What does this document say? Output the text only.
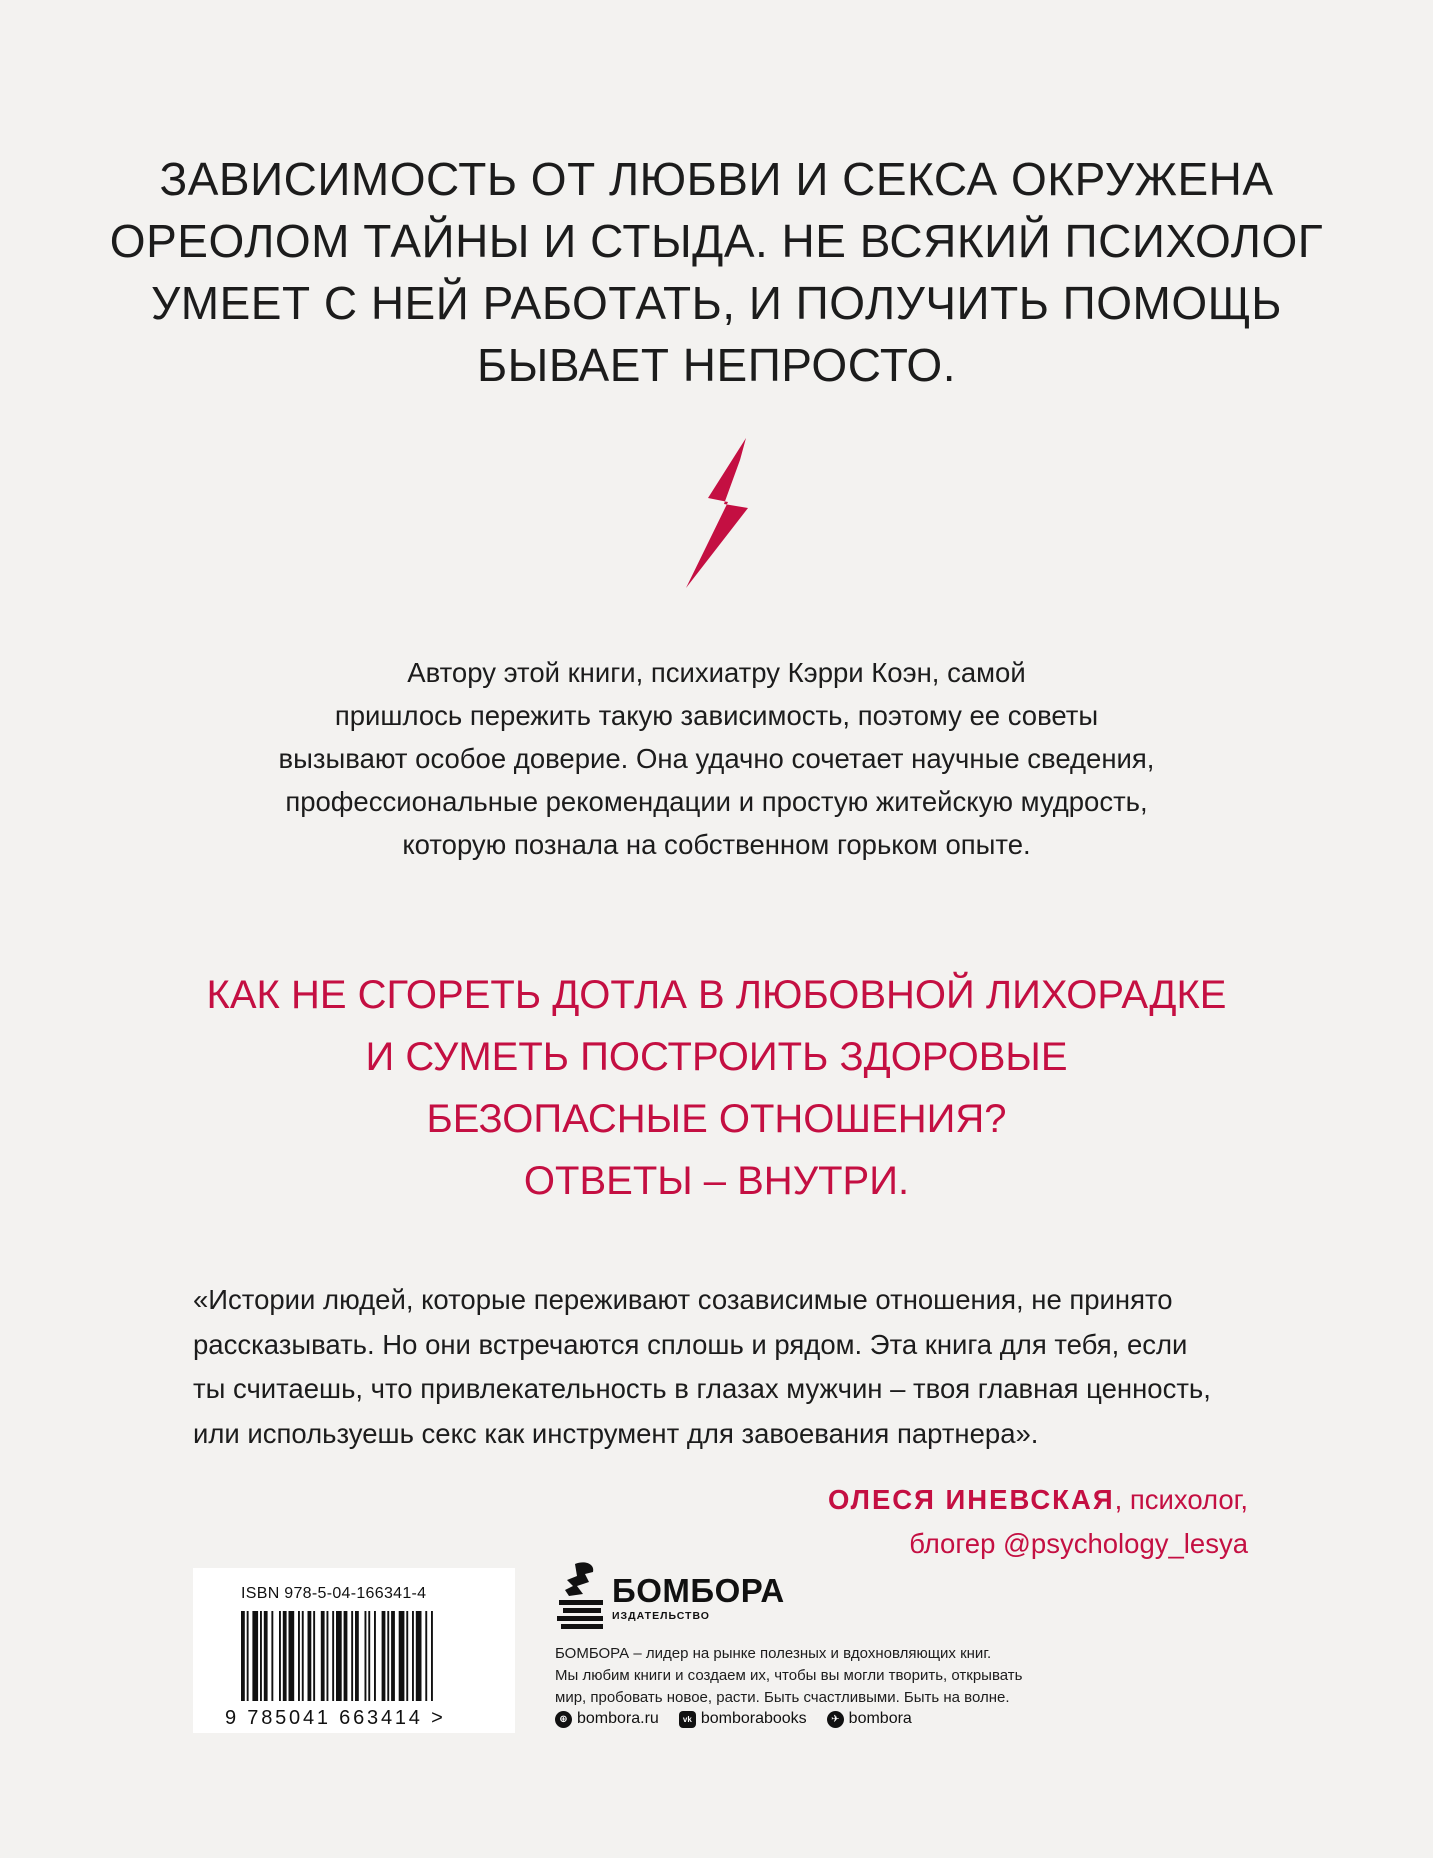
ЗАВИСИМОСТЬ ОТ ЛЮБВИ И СЕКСА ОКРУЖЕНА
ОРЕОЛОМ ТАЙНЫ И СТЫДА. НЕ ВСЯКИЙ ПСИХОЛОГ
УМЕЕТ С НЕЙ РАБОТАТЬ, И ПОЛУЧИТЬ ПОМОЩЬ
БЫВАЕТ НЕПРОСТО.

Автору этой книги, психиатру Кэрри Коэн, самой
пришлось пережить такую зависимость, поэтому ее советы
вызывают особое доверие. Она удачно сочетает научные сведения,
профессиональные рекомендации и простую житейскую мудрость,
которую познала на собственном горьком опыте.

КАК НЕ СГОРЕТЬ ДОТЛА В ЛЮБОВНОЙ ЛИХОРАДКЕ
И СУМЕТЬ ПОСТРОИТЬ ЗДОРОВЫЕ
БЕЗОПАСНЫЕ ОТНОШЕНИЯ?
ОТВЕТЫ – ВНУТРИ.

«Истории людей, которые переживают созависимые отношения, не принято
рассказывать. Но они встречаются сплошь и рядом. Эта книга для тебя, если
ты считаешь, что привлекательность в глазах мужчин – твоя главная ценность,
или используешь секс как инструмент для завоевания партнера».

ОЛЕСЯ ИНЕВСКАЯ, психолог,
блогер @psychology_lesya
ISBN 978-5-04-166341-4
9 785041 663414 >
БОМБОРА
ИЗДАТЕЛЬСТВО

БОМБОРА – лидер на рынке полезных и вдохновляющих книг.
Мы любим книги и создаем их, чтобы вы могли творить, открывать
мир, пробовать новое, расти. Быть счастливыми. Быть на волне.

⊕ bombora.ru	vk bomborabooks	✈ bombora
